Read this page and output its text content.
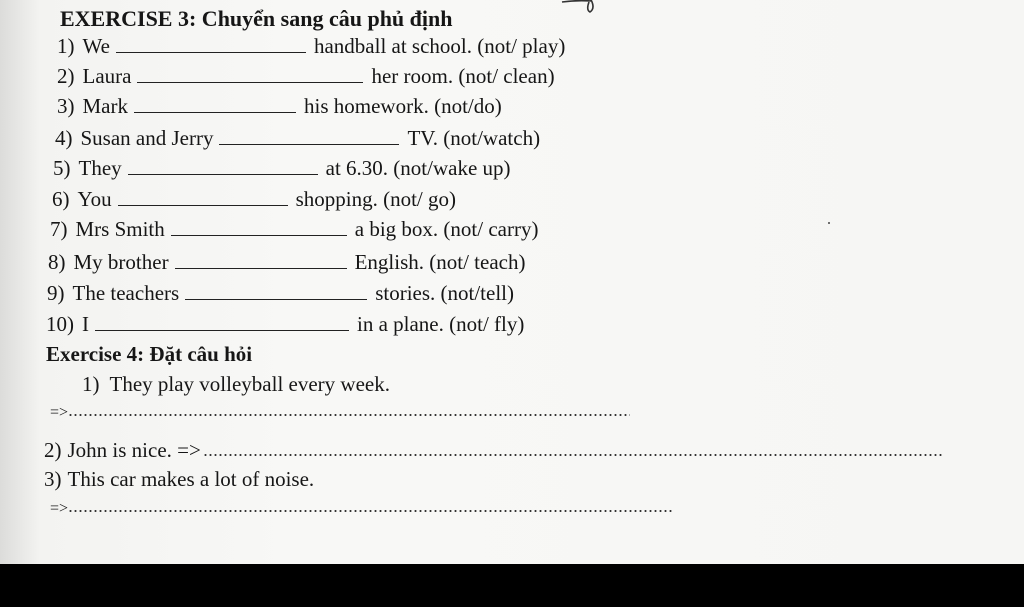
EXERCISE 3: Chuyển sang câu phủ định
1) We	handball at school. (not/ play)
2) Laura	her room. (not/ clean)
3) Mark	his homework. (not/do)
4) Susan and Jerry	TV. (not/watch)
5) They	at 6.30. (not/wake up)
6) You	shopping. (not/ go)
7) Mrs Smith	a big box. (not/ carry)
8) My brother	English. (not/ teach)
9) The teachers	stories. (not/tell)
10) I	in a plane. (not/ fly)
Exercise 4: Đặt câu hỏi
1) They play volleyball every week.
=>
2) John is nice. =>
3) This car makes a lot of noise.
=>
